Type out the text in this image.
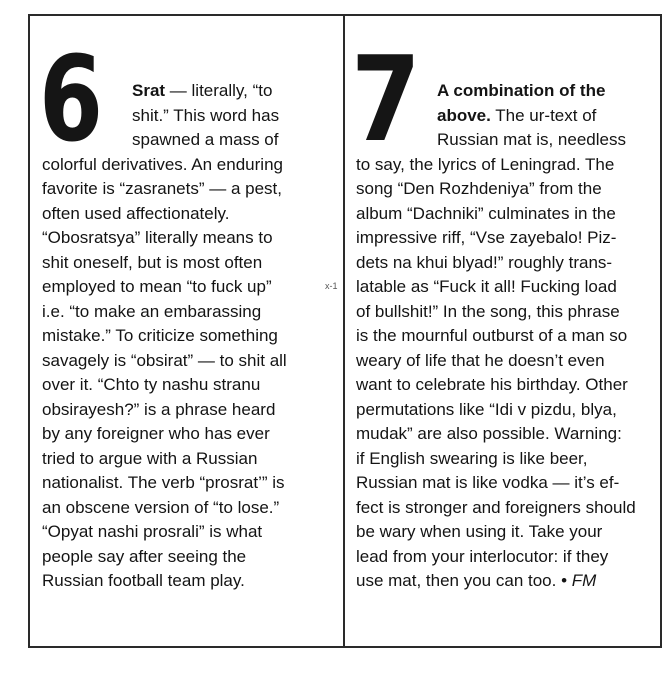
x-1
6 Srat — literally, “to
shit.” This word has
spawned a mass of
colorful derivatives. An enduring
favorite is “zasranets” — a pest,
often used affectionately.
“Obosratsya” literally means to
shit oneself, but is most often
employed to mean “to fuck up”
i.e. “to make an embarassing
mistake.” To criticize something
savagely is “obsirat” — to shit all
over it. “Chto ty nashu stranu
obsirayesh?” is a phrase heard
by any foreigner who has ever
tried to argue with a Russian
nationalist. The verb “prosrat’” is
an obscene version of “to lose.”
“Opyat nashi prosrali” is what
people say after seeing the
Russian football team play.
7 A combination of the
above. The ur-text of
Russian mat is, needless
to say, the lyrics of Leningrad. The
song “Den Rozhdeniya” from the
album “Dachniki” culminates in the
impressive riff, “Vse zayebalo! Piz-
dets na khui blyad!” roughly trans-
latable as “Fuck it all! Fucking load
of bullshit!” In the song, this phrase
is the mournful outburst of a man so
weary of life that he doesn’t even
want to celebrate his birthday. Other
permutations like “Idi v pizdu, blya,
mudak” are also possible. Warning:
if English swearing is like beer,
Russian mat is like vodka — it’s ef-
fect is stronger and foreigners should
be wary when using it. Take your
lead from your interlocutor: if they
use mat, then you can too. • FM
